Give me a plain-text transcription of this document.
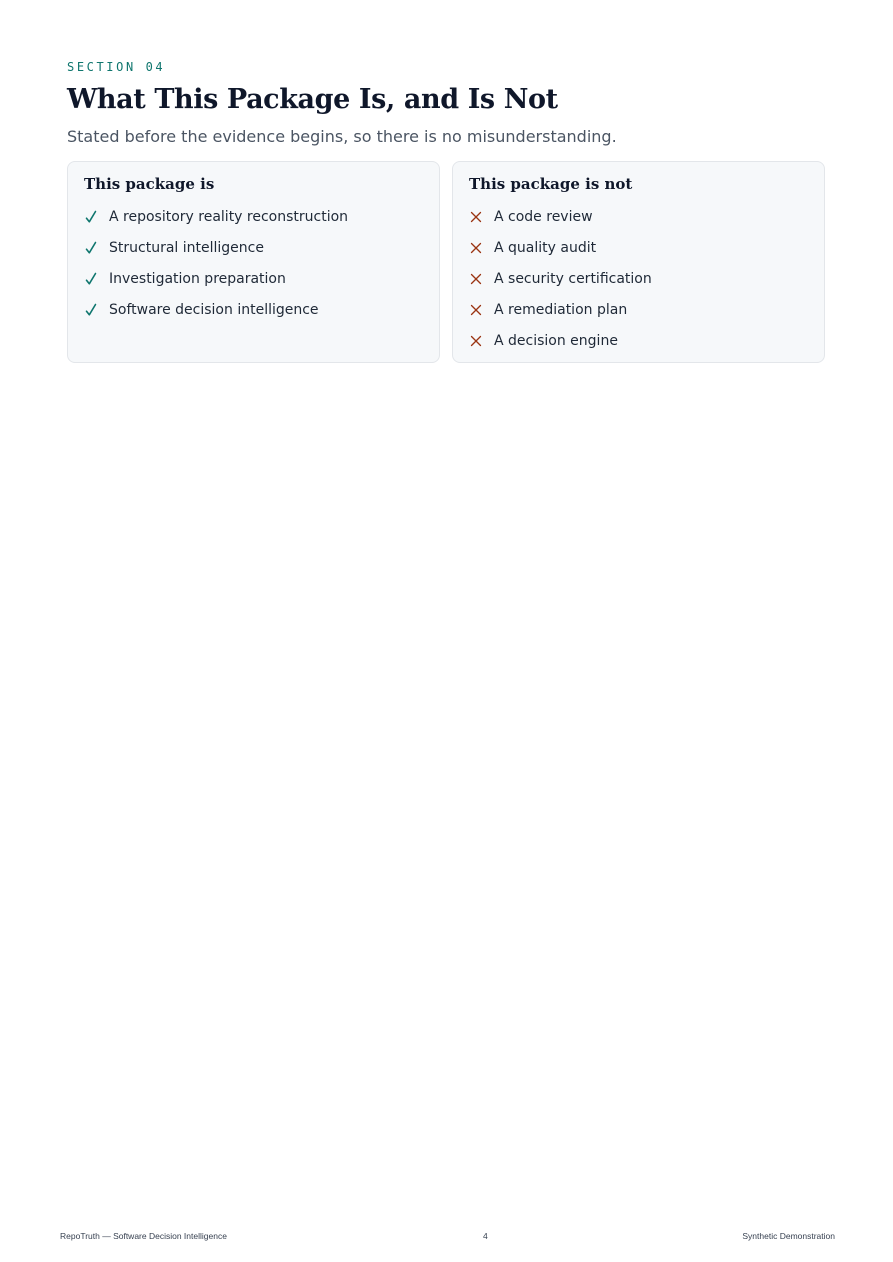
SECTION 04
What This Package Is, and Is Not
Stated before the evidence begins, so there is no misunderstanding.
This package is
A repository reality reconstruction
Structural intelligence
Investigation preparation
Software decision intelligence
This package is not
A code review
A quality audit
A security certification
A remediation plan
A decision engine
RepoTruth — Software Decision Intelligence	4	Synthetic Demonstration
